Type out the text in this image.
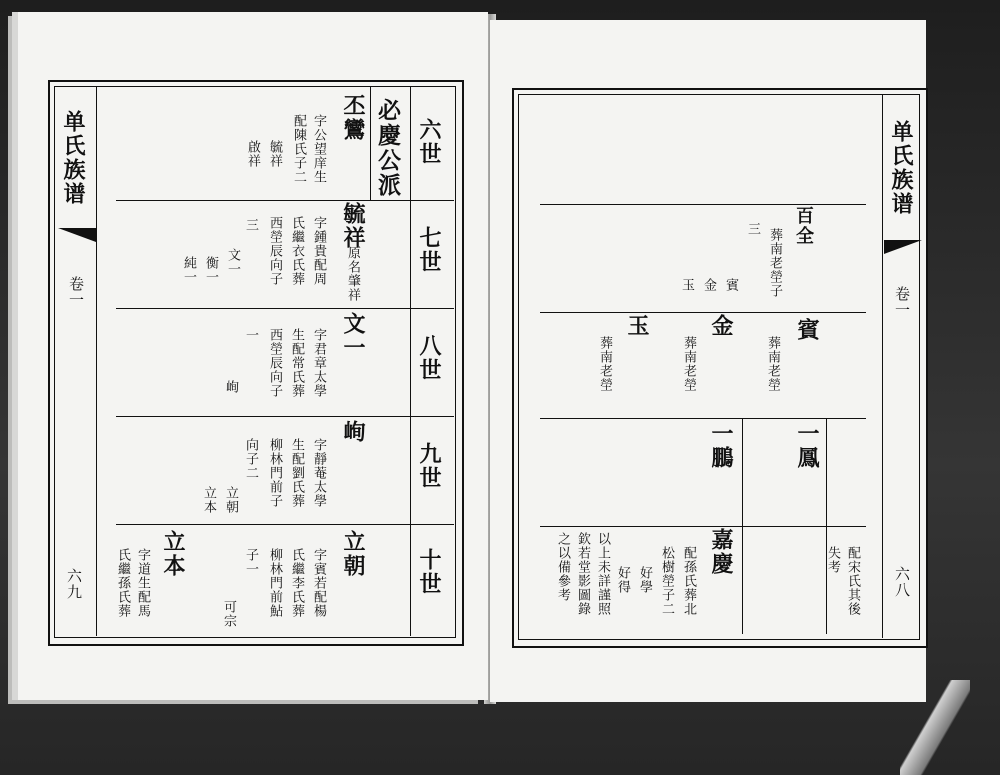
单氏族谱
卷一
六九
六世
七世
八世
九世
十世
必慶公派
丕鸞
字公望庠生
配陳氏子二
毓祥
啟祥
毓祥
原名肇祥
字鍾貴配周
氏繼衣氏葬
西塋辰向子
三
文一
衡一
純一
文一
字君章太學
生配常氏葬
西塋辰向子
一
峋
峋
字靜菴太學
生配劉氏葬
柳林門前子
向子二
立朝
立本
立朝
字賓若配楊
氏繼李氏葬
柳林門前鮎
子一
可宗
立本
字道生配馬
氏繼孫氏葬
单氏族谱
卷一
六八
百全
葬南老塋子
三
賓
金
玉
賓
葬南老塋
金
葬南老塋
玉
葬南老塋
一鳳
一鵬
配宋氏其後
失考
嘉慶
配孫氏葬北
松樹塋子二
好學
好得
以上未詳謹照
欽若堂影圖錄
之以備參考
